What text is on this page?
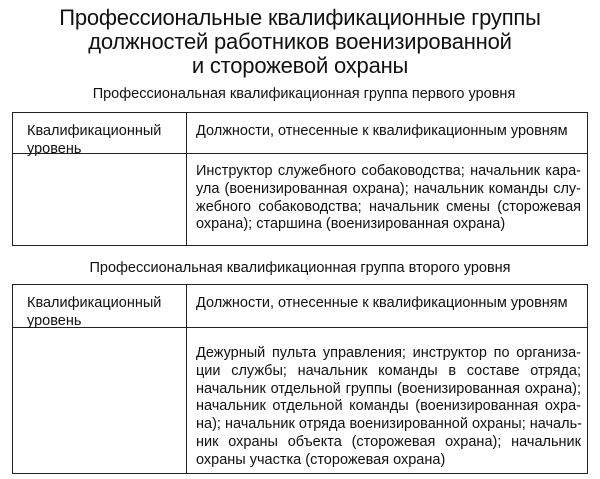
Профессиональные квалификационные группы
должностей работников военизированной
и сторожевой охраны
Профессиональная квалификационная группа первого уровня
Квалификационный
уровень
Должности, отнесенные к квалификационным уровням
Инструктор служебного собаководства; начальник кара-
ула (военизированная охрана); начальник команды слу-
жебного собаководства; начальник смены (сторожевая
охрана); старшина (военизированная охрана)
Профессиональная квалификационная группа второго уровня
Квалификационный
уровень
Должности, отнесенные к квалификационным уровням
Дежурный пульта управления; инструктор по организа-
ции службы; начальник команды в составе отряда;
начальник отдельной группы (военизированная охрана);
начальник отдельной команды (военизированная охра-
на); начальник отряда военизированной охраны; началь-
ник охраны объекта (сторожевая охрана); начальник
охраны участка (сторожевая охрана)
